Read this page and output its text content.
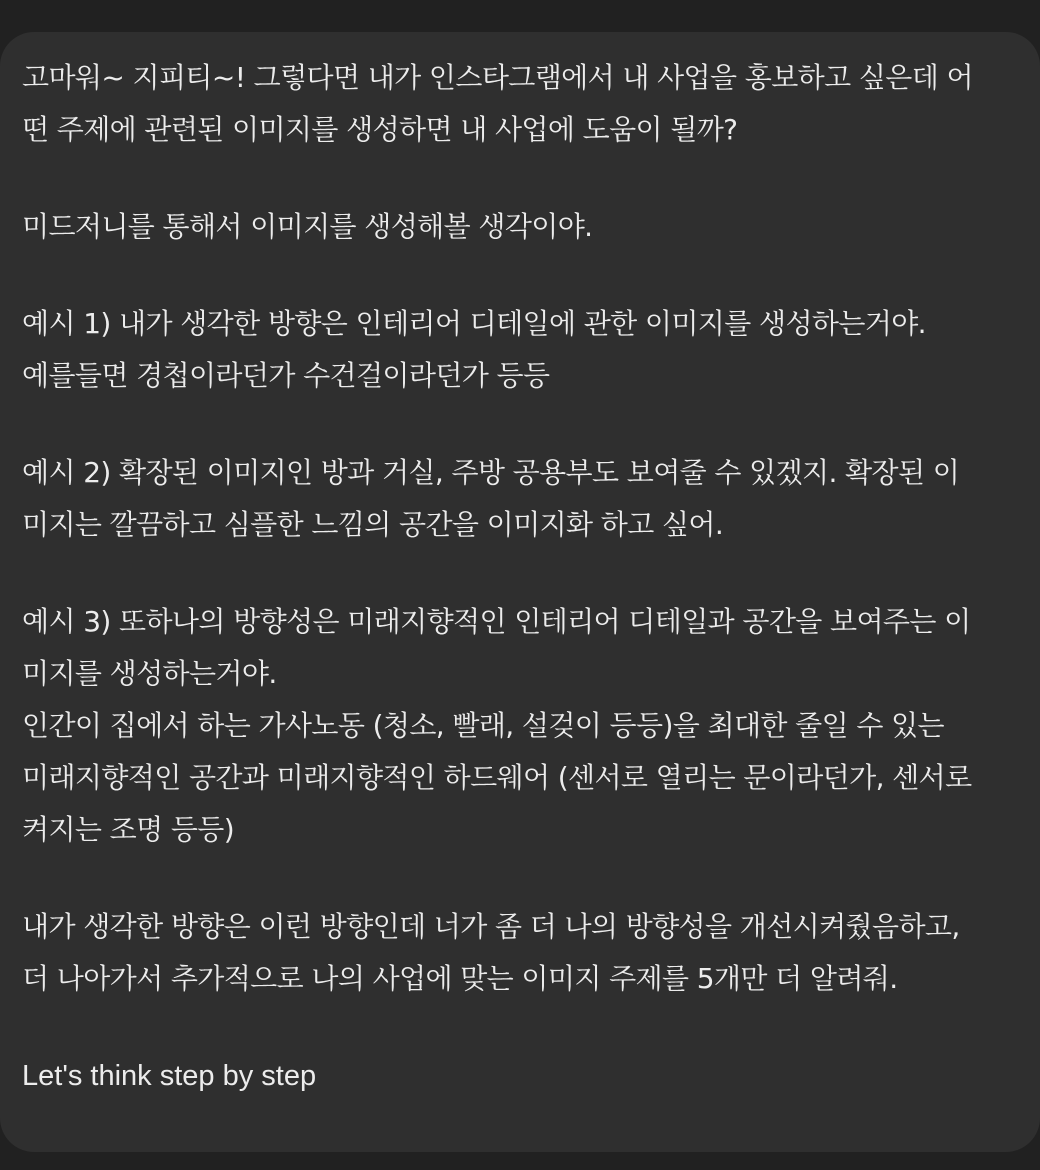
고마워~ 지피티~! 그렇다면 내가 인스타그램에서 내 사업을 홍보하고 싶은데 어
떤 주제에 관련된 이미지를 생성하면 내 사업에 도움이 될까?

미드저니를 통해서 이미지를 생성해볼 생각이야.

예시 1) 내가 생각한 방향은 인테리어 디테일에 관한 이미지를 생성하는거야.
예를들면 경첩이라던가 수건걸이라던가 등등

예시 2) 확장된 이미지인 방과 거실, 주방 공용부도 보여줄 수 있겠지. 확장된 이
미지는 깔끔하고 심플한 느낌의 공간을 이미지화 하고 싶어.

예시 3) 또하나의 방향성은 미래지향적인 인테리어 디테일과 공간을 보여주는 이
미지를 생성하는거야.
인간이 집에서 하는 가사노동 (청소, 빨래, 설겆이 등등)을 최대한 줄일 수 있는
미래지향적인 공간과 미래지향적인 하드웨어 (센서로 열리는 문이라던가, 센서로
켜지는 조명 등등)

내가 생각한 방향은 이런 방향인데 너가 좀 더 나의 방향성을 개선시켜줬음하고,
더 나아가서 추가적으로 나의 사업에 맞는 이미지 주제를 5개만 더 알려줘.

Let's think step by step
